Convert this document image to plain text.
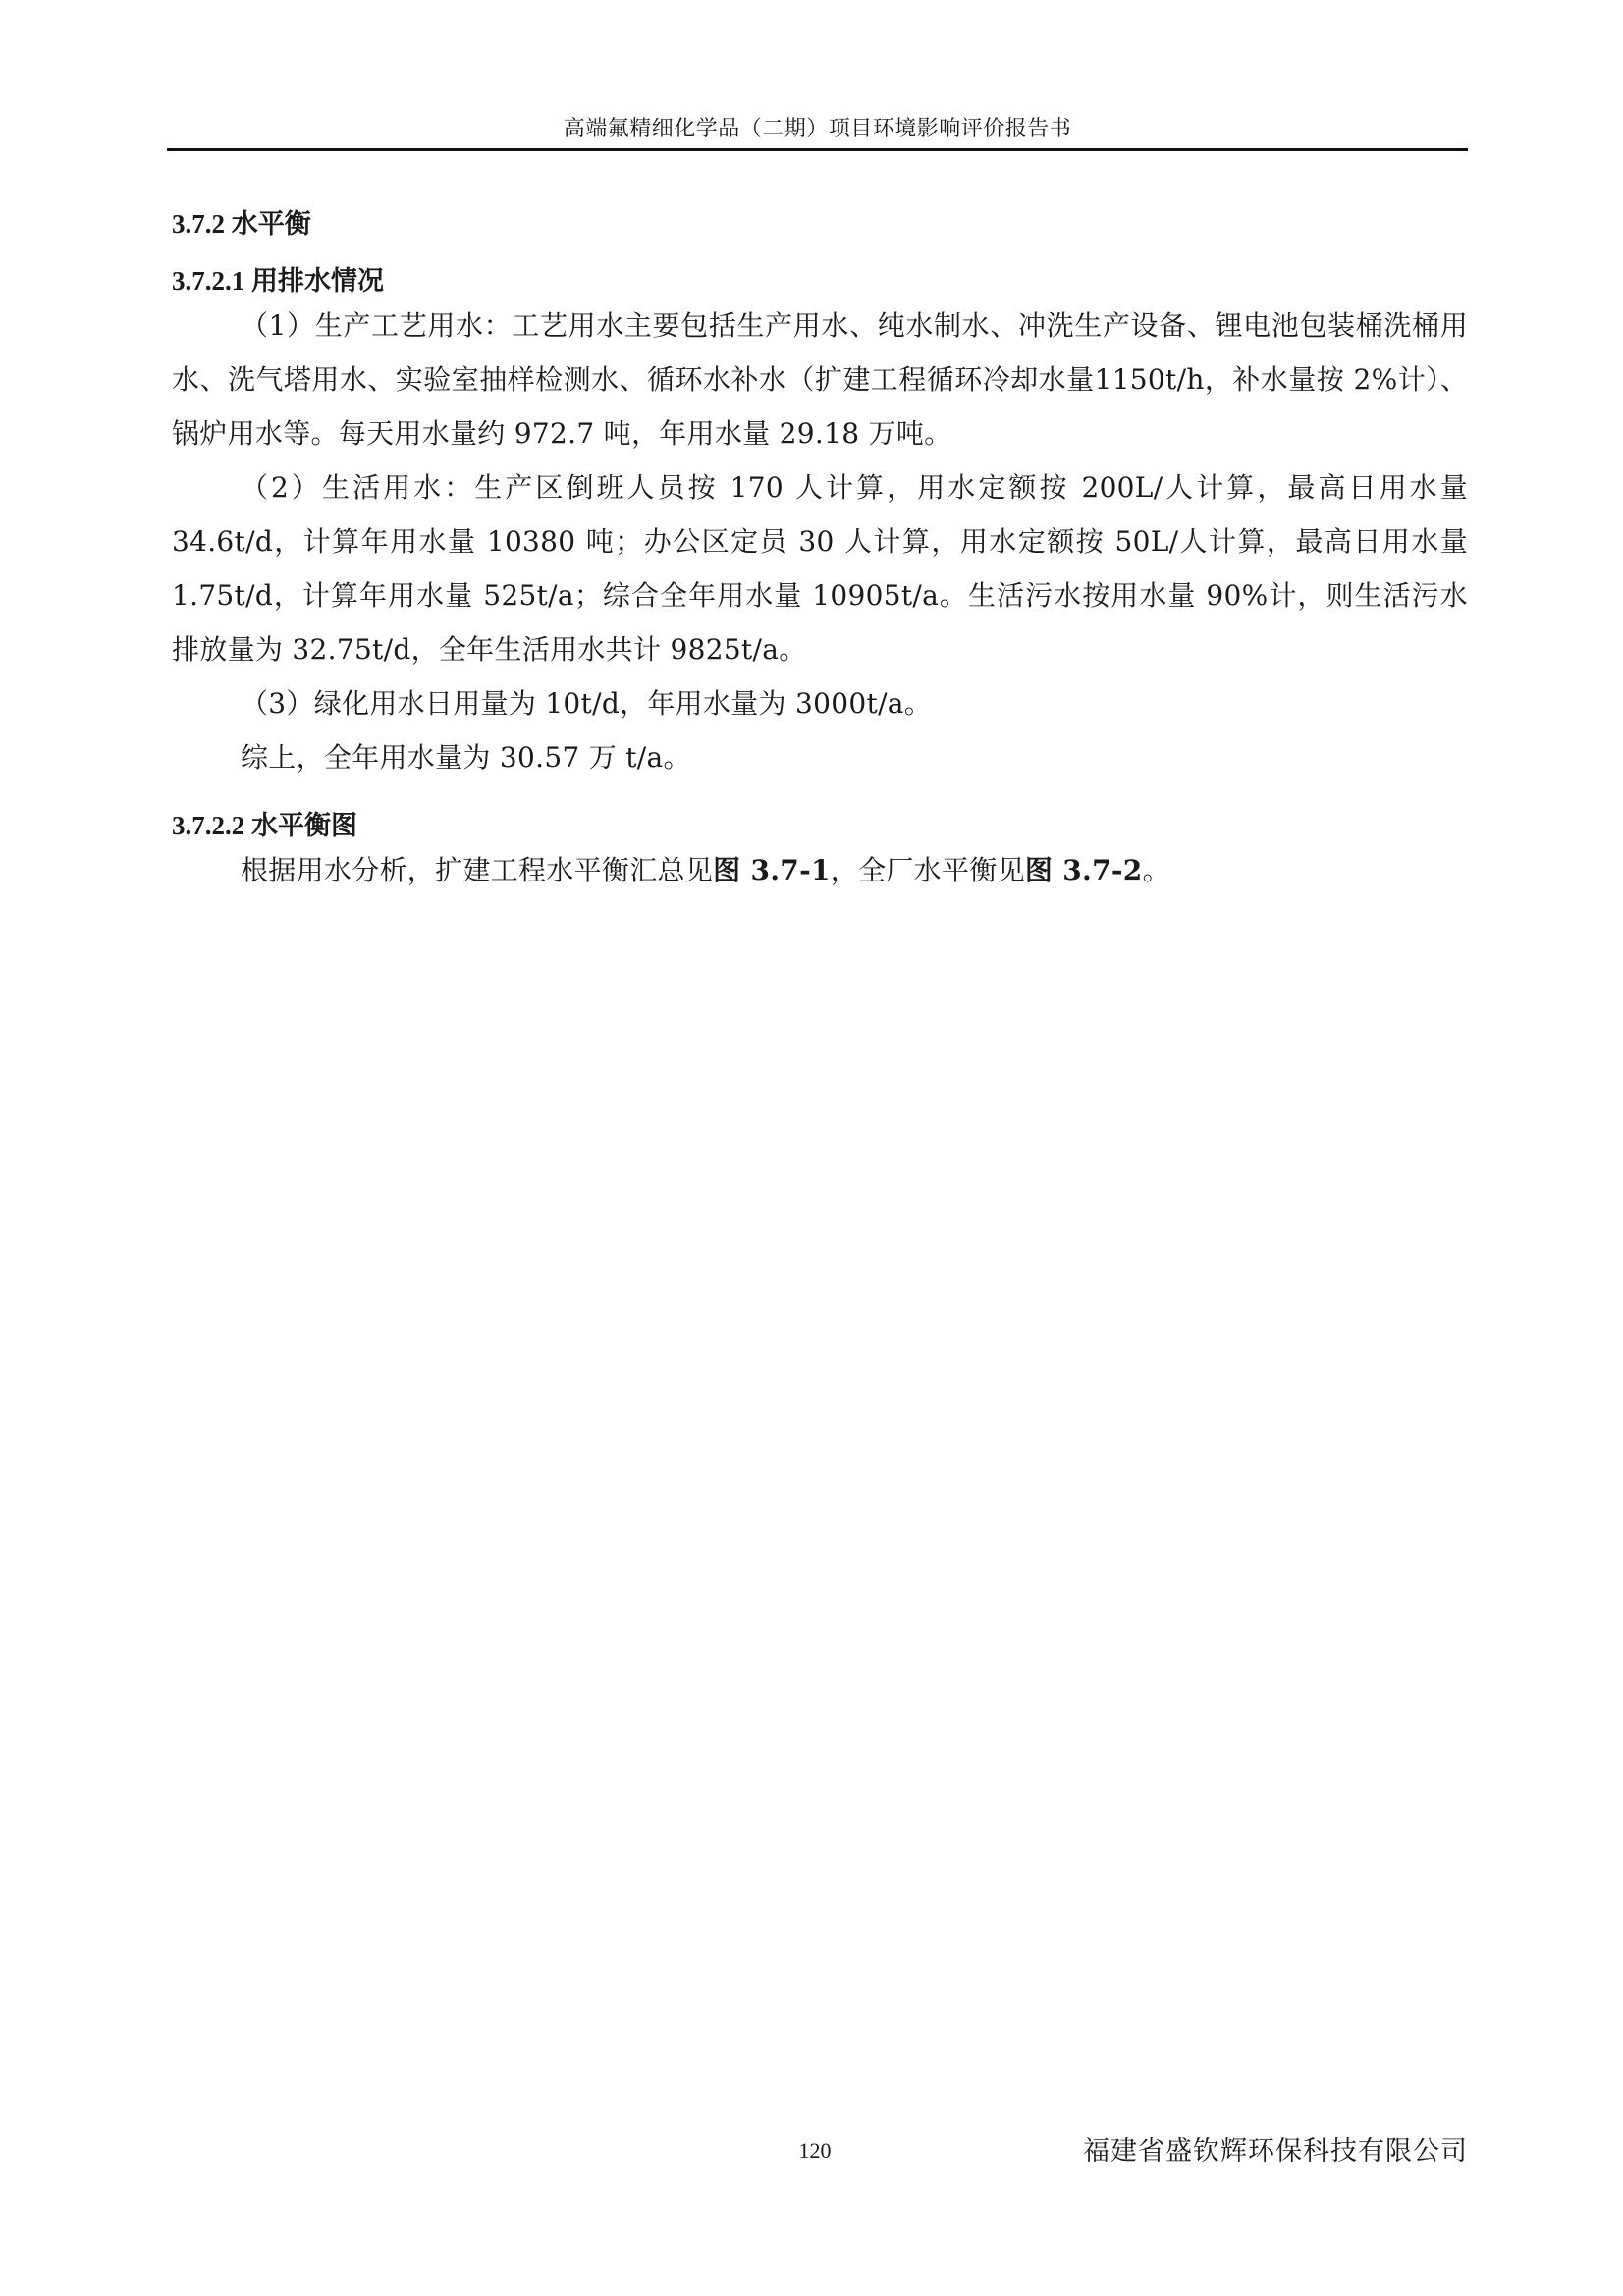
高端氟精细化学品（二期）项目环境影响评价报告书
3.7.2 水平衡
3.7.2.1 用排水情况

（1）生产工艺用水：工艺用水主要包括生产用水、纯水制水、冲洗生产设备、锂电池包装桶洗桶用水、洗气塔用水、实验室抽样检测水、循环水补水（扩建工程循环冷却水量1150t/h，补水量按 2%计）、锅炉用水等。每天用水量约 972.7 吨，年用水量 29.18 万吨。

（2）生活用水：生产区倒班人员按 170 人计算，用水定额按 200L/人计算，最高日用水量 34.6t/d，计算年用水量 10380 吨；办公区定员 30 人计算，用水定额按 50L/人计算，最高日用水量 1.75t/d，计算年用水量 525t/a；综合全年用水量 10905t/a。生活污水按用水量 90%计，则生活污水排放量为 32.75t/d，全年生活用水共计 9825t/a。

（3）绿化用水日用量为 10t/d，年用水量为 3000t/a。

综上，全年用水量为 30.57 万 t/a。

3.7.2.2 水平衡图

根据用水分析，扩建工程水平衡汇总见图 3.7-1，全厂水平衡见图 3.7-2。

120	福建省盛钦辉环保科技有限公司
